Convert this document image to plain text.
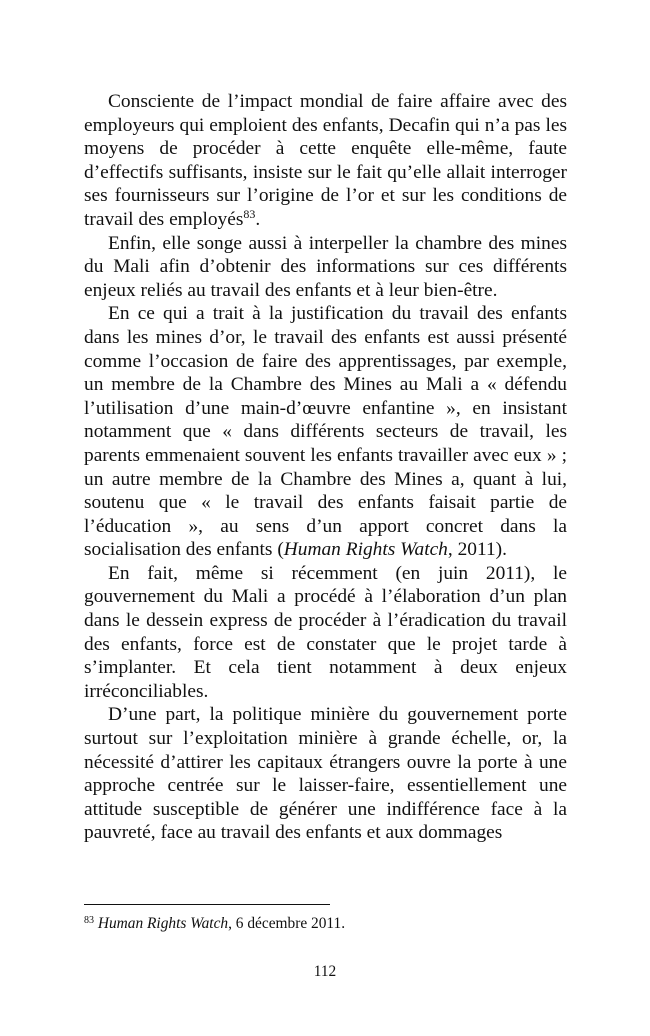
Consciente de l’impact mondial de faire affaire avec des employeurs qui emploient des enfants, Decafin qui n’a pas les moyens de procéder à cette enquête elle-même, faute d’effectifs suffisants, insiste sur le fait qu’elle allait interroger ses fournisseurs sur l’origine de l’or et sur les conditions de travail des employés$^{83}$.

Enfin, elle songe aussi à interpeller la chambre des mines du Mali afin d’obtenir des informations sur ces différents enjeux reliés au travail des enfants et à leur bien-être.

En ce qui a trait à la justification du travail des enfants dans les mines d’or, le travail des enfants est aussi présenté comme l’occasion de faire des apprentissages, par exemple, un membre de la Chambre des Mines au Mali a « défendu l’utilisation d’une main-d’œuvre enfantine », en insistant notamment que « dans différents secteurs de travail, les parents emmenaient souvent les enfants travailler avec eux » ; un autre membre de la Chambre des Mines a, quant à lui, soutenu que « le travail des enfants faisait partie de l’éducation », au sens d’un apport concret dans la socialisation des enfants (Human Rights Watch, 2011).

En fait, même si récemment (en juin 2011), le gouvernement du Mali a procédé à l’élaboration d’un plan dans le dessein express de procéder à l’éradication du travail des enfants, force est de constater que le projet tarde à s’implanter. Et cela tient notamment à deux enjeux irréconciliables.

D’une part, la politique minière du gouvernement porte surtout sur l’exploitation minière à grande échelle, or, la nécessité d’attirer les capitaux étrangers ouvre la porte à une approche centrée sur le laisser-faire, essentiellement une attitude susceptible de générer une indifférence face à la pauvreté, face au travail des enfants et aux dommages

$^{83}$ Human Rights Watch, 6 décembre 2011.

112
